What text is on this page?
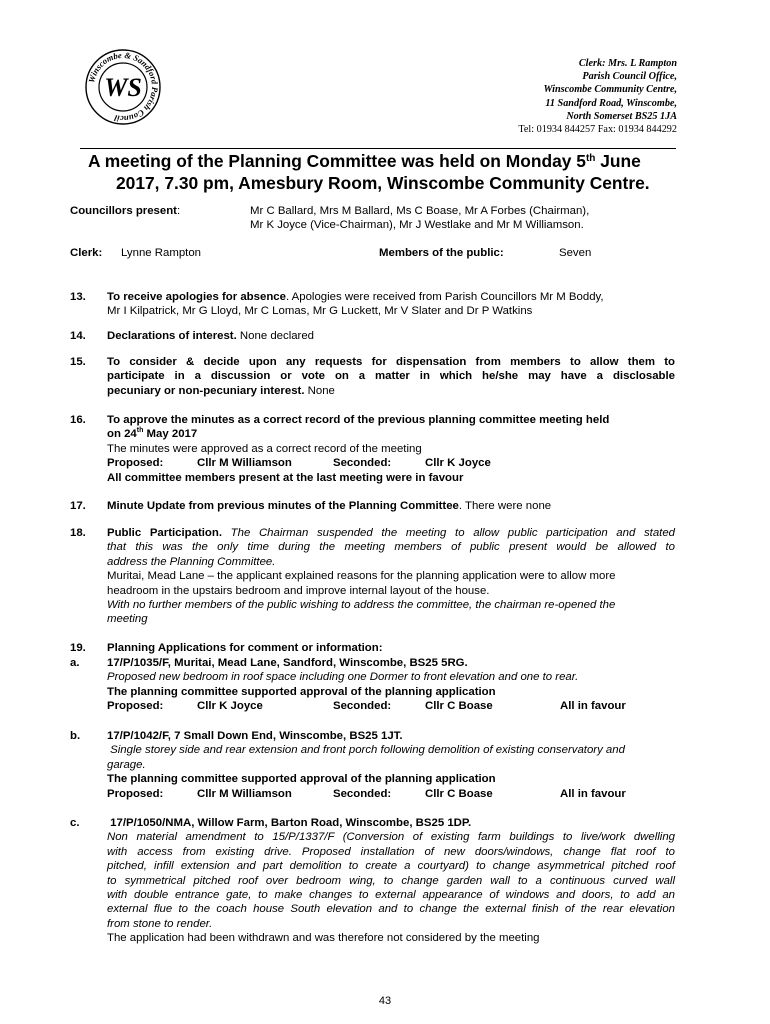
Winscombe & Sandford Parish Council
WS
Clerk: Mrs. L Rampton
Parish Council Office,
Winscombe Community Centre,
11 Sandford Road, Winscombe,
North Somerset BS25 1JA
Tel: 01934 844257 Fax: 01934 844292
A meeting of the Planning Committee was held on Monday 5th June
2017, 7.30 pm, Amesbury Room, Winscombe Community Centre.
Councillors present:	Mr C Ballard, Mrs M Ballard, Ms C Boase, Mr A Forbes (Chairman),
Mr K Joyce (Vice-Chairman), Mr J Westlake and Mr M Williamson.
Clerk: Lynne Rampton	Members of the public:	Seven
13. To receive apologies for absence. Apologies were received from Parish Councillors Mr M Boddy,
Mr I Kilpatrick, Mr G Lloyd, Mr C Lomas, Mr G Luckett, Mr V Slater and Dr P Watkins
14. Declarations of interest. None declared
15. To consider & decide upon any requests for dispensation from members to allow them to
participate in a discussion or vote on a matter in which he/she may have a disclosable
pecuniary or non-pecuniary interest. None
16. To approve the minutes as a correct record of the previous planning committee meeting held
on 24th May 2017
The minutes were approved as a correct record of the meeting
Proposed:	Cllr M Williamson	Seconded:	Cllr K Joyce
All committee members present at the last meeting were in favour
17. Minute Update from previous minutes of the Planning Committee. There were none
18. Public Participation. The Chairman suspended the meeting to allow public participation and stated
that this was the only time during the meeting members of public present would be allowed to
address the Planning Committee.
Muritai, Mead Lane – the applicant explained reasons for the planning application were to allow more
headroom in the upstairs bedroom and improve internal layout of the house.
With no further members of the public wishing to address the committee, the chairman re-opened the
meeting
19. Planning Applications for comment or information:
a. 17/P/1035/F, Muritai, Mead Lane, Sandford, Winscombe, BS25 5RG.
Proposed new bedroom in roof space including one Dormer to front elevation and one to rear.
The planning committee supported approval of the planning application
Proposed:	Cllr K Joyce	Seconded:	Cllr C Boase	All in favour
b. 17/P/1042/F, 7 Small Down End, Winscombe, BS25 1JT.
Single storey side and rear extension and front porch following demolition of existing conservatory and
garage.
The planning committee supported approval of the planning application
Proposed:	Cllr M Williamson	Seconded:	Cllr C Boase	All in favour
c. 17/P/1050/NMA, Willow Farm, Barton Road, Winscombe, BS25 1DP.
Non material amendment to 15/P/1337/F (Conversion of existing farm buildings to live/work dwelling
with access from existing drive. Proposed installation of new doors/windows, change flat roof to
pitched, infill extension and part demolition to create a courtyard) to change asymmetrical pitched roof
to symmetrical pitched roof over bedroom wing, to change garden wall to a continuous curved wall
with double entrance gate, to make changes to external appearance of windows and doors, to add an
external flue to the coach house South elevation and to change the external finish of the rear elevation
from stone to render.
The application had been withdrawn and was therefore not considered by the meeting
43
